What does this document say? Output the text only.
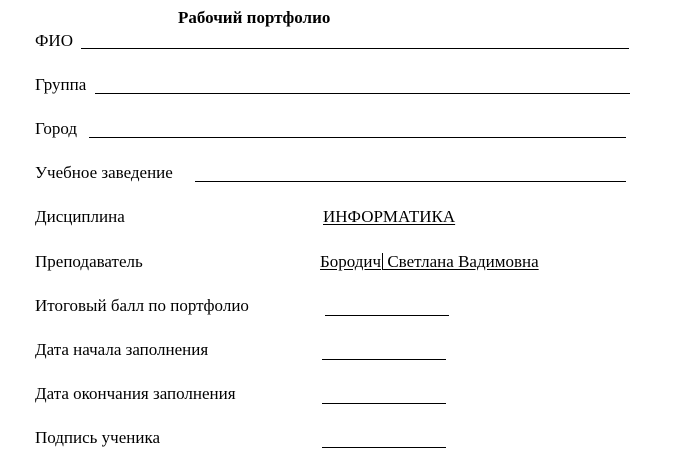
Рабочий портфолио
ФИО
Группа
Город
Учебное заведение
Дисциплина	ИНФОРМАТИКА
Преподаватель	Бородич Светлана Вадимовна
Итоговый балл по портфолио
Дата начала заполнения
Дата окончания заполнения
Подпись ученика
